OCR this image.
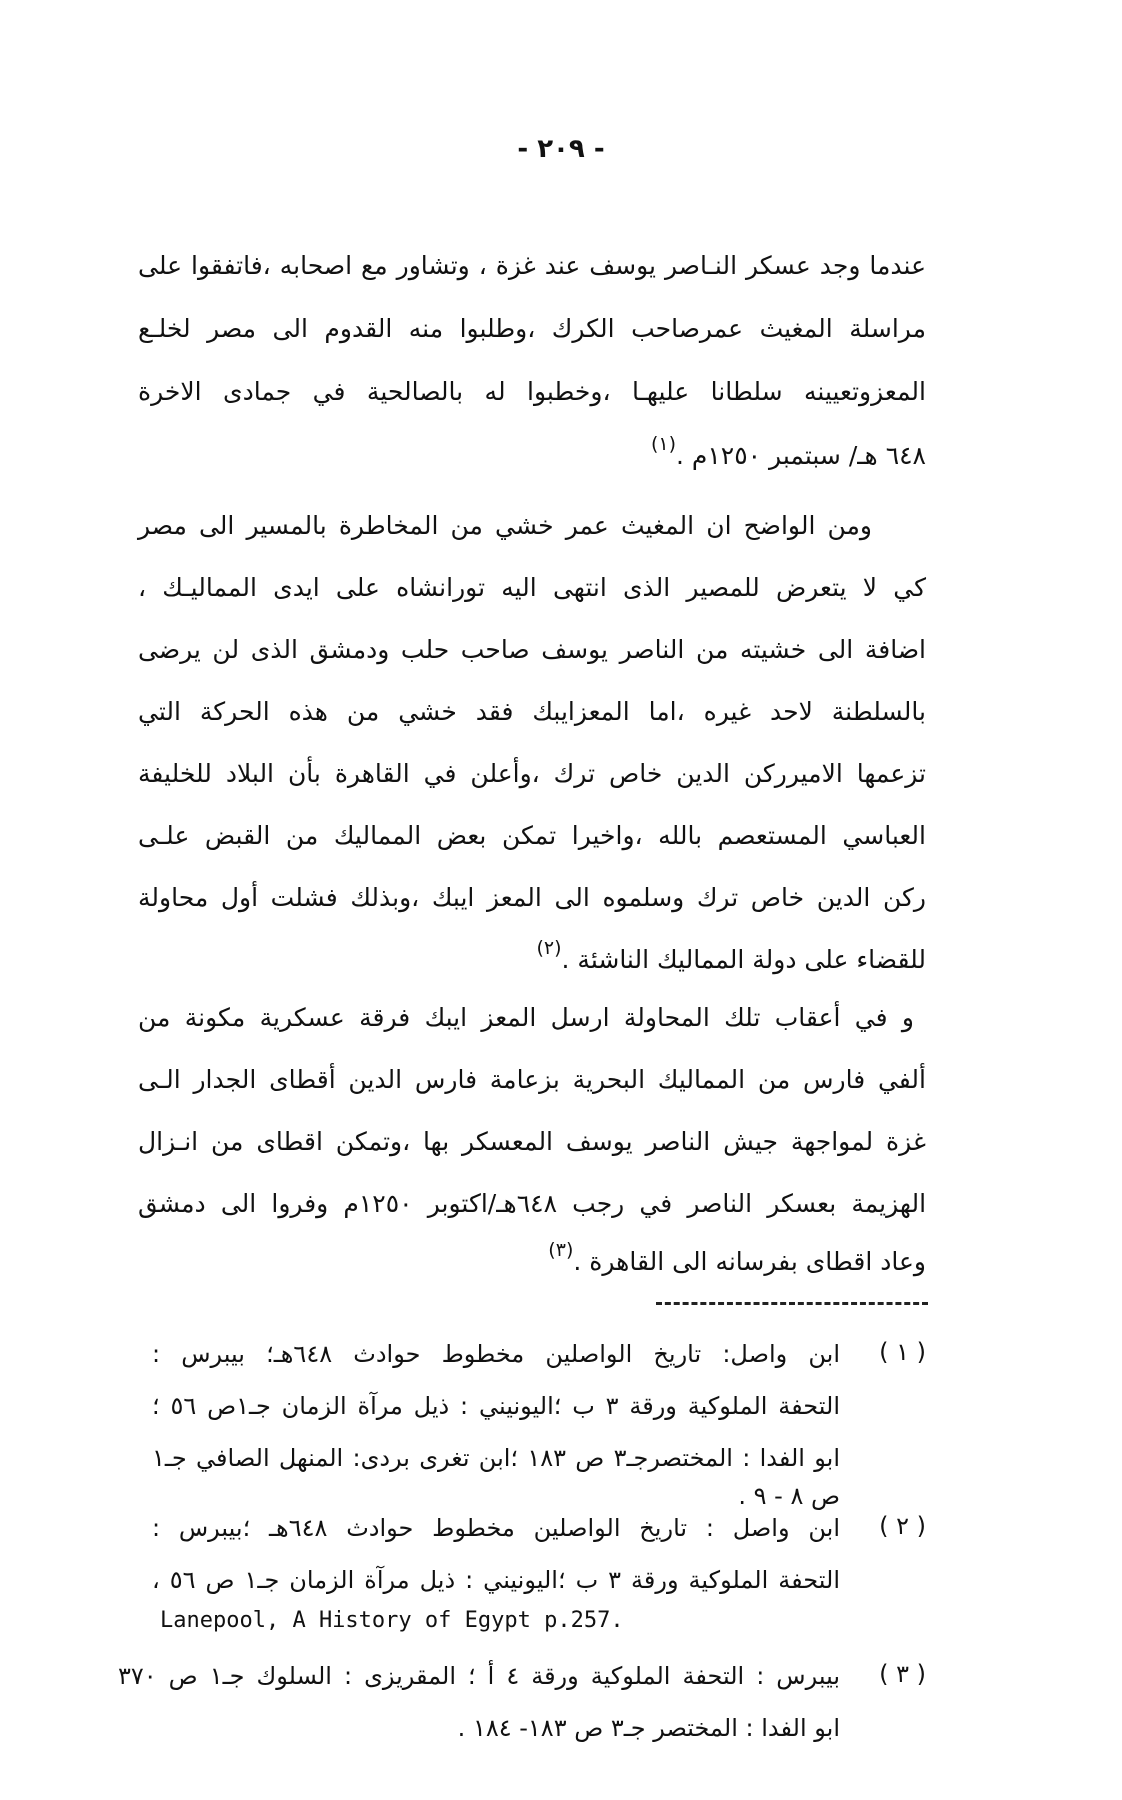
- ٢٠٩ -
عندما وجد عسكر النـاصر يوسف عند غزة ، وتشاور مع اصحابه ،فاتفقوا على
مراسلة المغيث عمرصاحب الكرك ،وطلبوا منه القدوم الى مصر لخلـع
المعزوتعيينه سلطانا عليهـا ،وخطبوا له بالصالحية في جمادى الاخرة
٦٤٨ هـ/ سبتمبر ١٢٥٠م .$^{(١)}$
ومن الواضح ان المغيث عمر خشي من المخاطرة بالمسير الى مصر
كي لا يتعرض للمصير الذى انتهى اليه تورانشاه على ايدى المماليـك ،
اضافة الى خشيته من الناصر يوسف صاحب حلب ودمشق الذى لن يرضى
بالسلطنة لاحد غيره ،اما المعزايبك فقد خشي من هذه الحركة التي
تزعمها الاميرركن الدين خاص ترك ،وأعلن في القاهرة بأن البلاد للخليفة
العباسي المستعصم بالله ،واخيرا تمكن بعض المماليك من القبض علـى
ركن الدين خاص ترك وسلموه الى المعز ايبك ،وبذلك فشلت أول محاولة
للقضاء على دولة المماليك الناشئة .$^{(٢)}$
و في أعقاب تلك المحاولة ارسل المعز ايبك فرقة عسكرية مكونة من
ألفي فارس من المماليك البحرية بزعامة فارس الدين أقطاى الجدار الـى
غزة لمواجهة جيش الناصر يوسف المعسكر بها ،وتمكن اقطاى من انـزال
الهزيمة بعسكر الناصر في رجب ٦٤٨هـ/اكتوبر ١٢٥٠م وفروا الى دمشق
وعاد اقطاى بفرسانه الى القاهرة .$^{(٣)}$
( ١ )
ابن واصل: تاريخ الواصلين مخطوط حوادث ٦٤٨هـ؛ بيبرس :
التحفة الملوكية ورقة ٣ ب ؛اليونيني : ذيل مرآة الزمان جـ١ص ٥٦ ؛
ابو الفدا : المختصرجـ٣ ص ١٨٣ ؛ابن تغرى بردى: المنهل الصافي جـ١
ص ٨ - ٩ .
( ٢ )
ابن واصل : تاريخ الواصلين مخطوط حوادث ٦٤٨هـ ؛بيبرس :
التحفة الملوكية ورقة ٣ ب ؛اليونيني : ذيل مرآة الزمان جـ١ ص ٥٦ ،
Lanepool, A History of Egypt p.257.
( ٣ )
بيبرس : التحفة الملوكية ورقة ٤ أ ؛ المقريزى : السلوك جـ١ ص ٣٧٠
ابو الفدا : المختصر جـ٣ ص ١٨٣- ١٨٤ .
